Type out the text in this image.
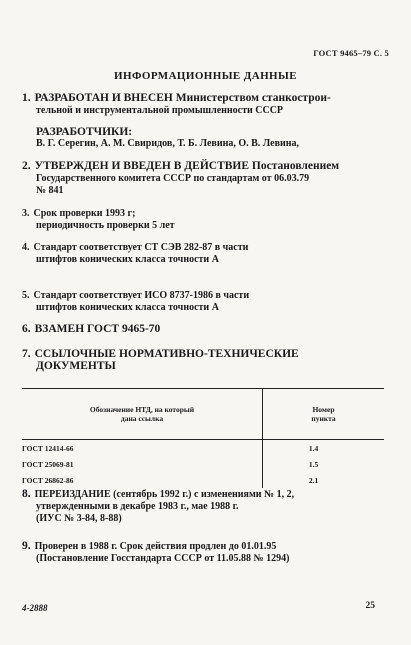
ГОСТ 9465–79 С. 5
ИНФОРМАЦИОННЫЕ ДАННЫЕ
1. РАЗРАБОТАН И ВНЕСЕН Министерством станкострои-
тельной и инструментальной промышленности СССР
РАЗРАБОТЧИКИ:
В. Г. Серегин, А. М. Свиридов, Т. Б. Левина, О. В. Левина,
2. УТВЕРЖДЕН И ВВЕДЕН В ДЕЙСТВИЕ Постановлением
Государственного комитета СССР по стандартам от 06.03.79
№ 841
3. Срок проверки 1993 г;
периодичность проверки 5 лет
4. Стандарт соответствует СТ СЭВ 282-87 в части
штифтов конических класса точности А
5. Стандарт соответствует ИСО 8737-1986 в части
штифтов конических класса точности А
6. ВЗАМЕН ГОСТ 9465-70
7. ССЫЛОЧНЫЕ НОРМАТИВНО-ТЕХНИЧЕСКИЕ
ДОКУМЕНТЫ
Обозначение НТД, на который
дана ссылка	Номер
пункта

ГОСТ 12414-66	1.4
ГОСТ 25069-81	1.5
ГОСТ 26862-86	2.1
8. ПЕРЕИЗДАНИЕ (сентябрь 1992 г.) с изменениями № 1, 2,
утвержденными в декабре 1983 г., мае 1988 г.
(ИУС № 3-84, 8-88)
9. Проверен в 1988 г. Срок действия продлен до 01.01.95
(Постановление Госстандарта СССР от 11.05.88 № 1294)
4-2888	25
